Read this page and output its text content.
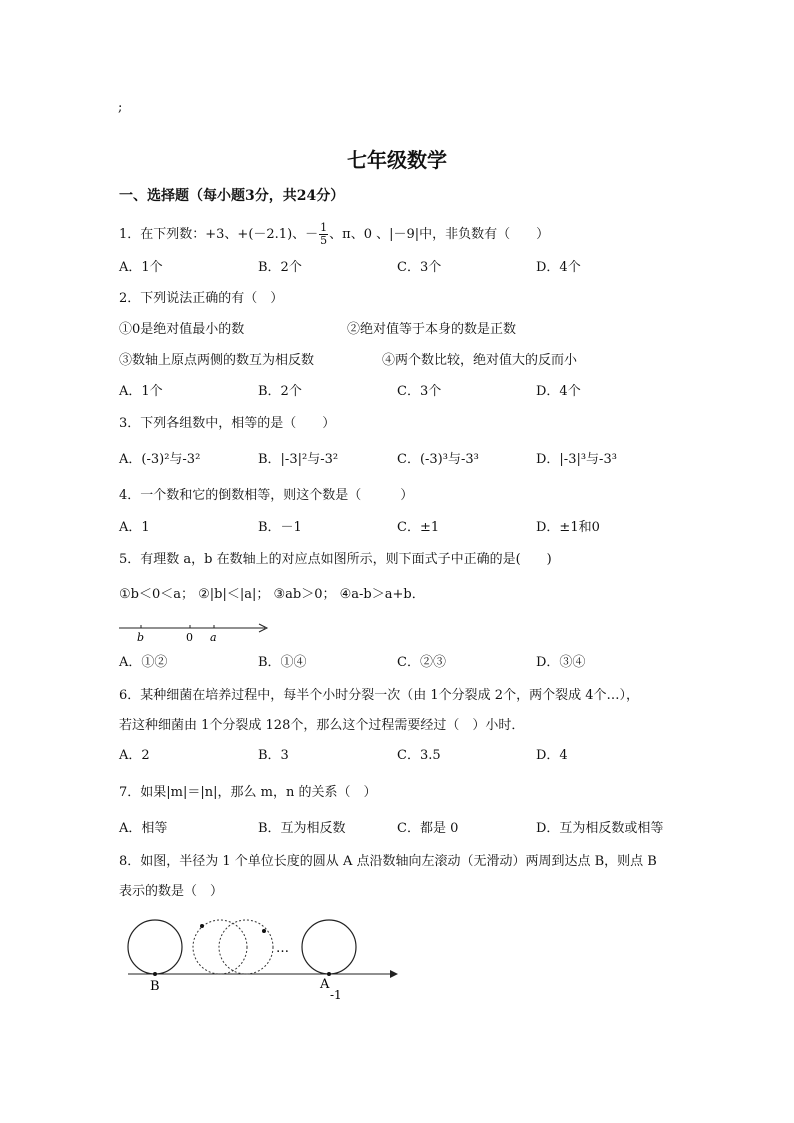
;
七年级数学
一、选择题（每小题3分，共24分）
1．在下列数：+3、+(－2.1)、－ $\frac{1}{5}$ 、π、0 、|－9|中，非负数有（　　）
A．1个	B．2个	C．3个	D．4个
2．下列说法正确的有（　）
①0是绝对值最小的数	②绝对值等于本身的数是正数
③数轴上原点两侧的数互为相反数	④两个数比较，绝对值大的反而小
A．1个	B．2个	C．3个	D．4个
3．下列各组数中，相等的是（　　）
A．(-3)²与-3²	B．|-3|²与-3²	C．(-3)³与-3³	D．|-3|³与-3³
4．一个数和它的倒数相等，则这个数是（　　　）
A．1	B．－1	C．±1	D．±1和0
5．有理数 a，b 在数轴上的对应点如图所示，则下面式子中正确的是(　　)
①b＜0＜a； ②|b|＜|a|； ③ab＞0； ④a-b＞a+b．
b	0 a
A．①②	B．①④	C．②③	D．③④
6．某种细菌在培养过程中，每半个小时分裂一次（由 1个分裂成 2个，两个裂成 4个…），
若这种细菌由 1个分裂成 128个，那么这个过程需要经过（　）小时．
A．2	B．3	C．3.5	D．4
7．如果|m|＝|n|，那么 m，n 的关系（　）
A．相等	B．互为相反数	C．都是 0	D．互为相反数或相等
8．如图，半径为 1 个单位长度的圆从 A 点沿数轴向左滚动（无滑动）两周到达点 B，则点 B
表示的数是（　）
…
B	A
-1
